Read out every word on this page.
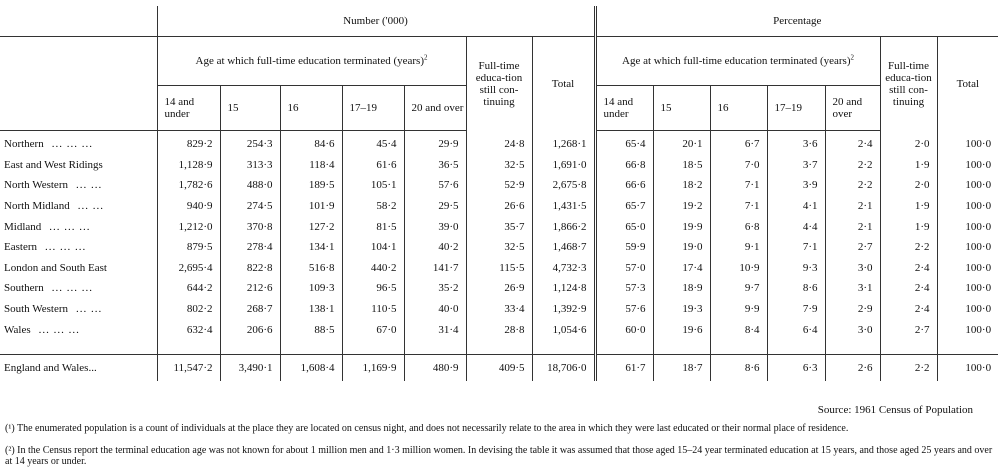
	Number ('000)							Percentage						
	Age at which full-time education terminated (years)$^2$					Full-time educa-tion still con-tinuing	Total	Age at which full-time education terminated (years)$^2$					Full-time educa-tion still con-tinuing	Total
	14 and under	15	16	17–19	20 and over			14 and under	15	16	17–19	20 and over		
Northern ... ... ...	829·2	254·3	84·6	45·4	29·9	24·8	1,268·1	65·4	20·1	6·7	3·6	2·4	2·0	100·0
East and West Ridings	1,128·9	313·3	118·4	61·6	36·5	32·5	1,691·0	66·8	18·5	7·0	3·7	2·2	1·9	100·0
North Western ... ...	1,782·6	488·0	189·5	105·1	57·6	52·9	2,675·8	66·6	18·2	7·1	3·9	2·2	2·0	100·0
North Midland ... ...	940·9	274·5	101·9	58·2	29·5	26·6	1,431·5	65·7	19·2	7·1	4·1	2·1	1·9	100·0
Midland ... ... ...	1,212·0	370·8	127·2	81·5	39·0	35·7	1,866·2	65·0	19·9	6·8	4·4	2·1	1·9	100·0
Eastern ... ... ...	879·5	278·4	134·1	104·1	40·2	32·5	1,468·7	59·9	19·0	9·1	7·1	2·7	2·2	100·0
London and South East	2,695·4	822·8	516·8	440·2	141·7	115·5	4,732·3	57·0	17·4	10·9	9·3	3·0	2·4	100·0
Southern ... ... ...	644·2	212·6	109·3	96·5	35·2	26·9	1,124·8	57·3	18·9	9·7	8·6	3·1	2·4	100·0
South Western ... ...	802·2	268·7	138·1	110·5	40·0	33·4	1,392·9	57·6	19·3	9·9	7·9	2·9	2·4	100·0
Wales ... ... ...	632·4	206·6	88·5	67·0	31·4	28·8	1,054·6	60·0	19·6	8·4	6·4	3·0	2·7	100·0

England and Wales...	11,547·2	3,490·1	1,608·4	1,169·9	480·9	409·5	18,706·0	61·7	18·7	8·6	6·3	2·6	2·2	100·0
Source: 1961 Census of Population
(¹) The enumerated population is a count of individuals at the place they are located on census night, and does not necessarily relate to the area in which they were last educated or their normal place of residence.
(²) In the Census report the terminal education age was not known for about 1 million men and 1·3 million women. In devising the table it was assumed that those aged 15–24 year terminated education at 15 years, and those aged 25 years and over at 14 years or under.
